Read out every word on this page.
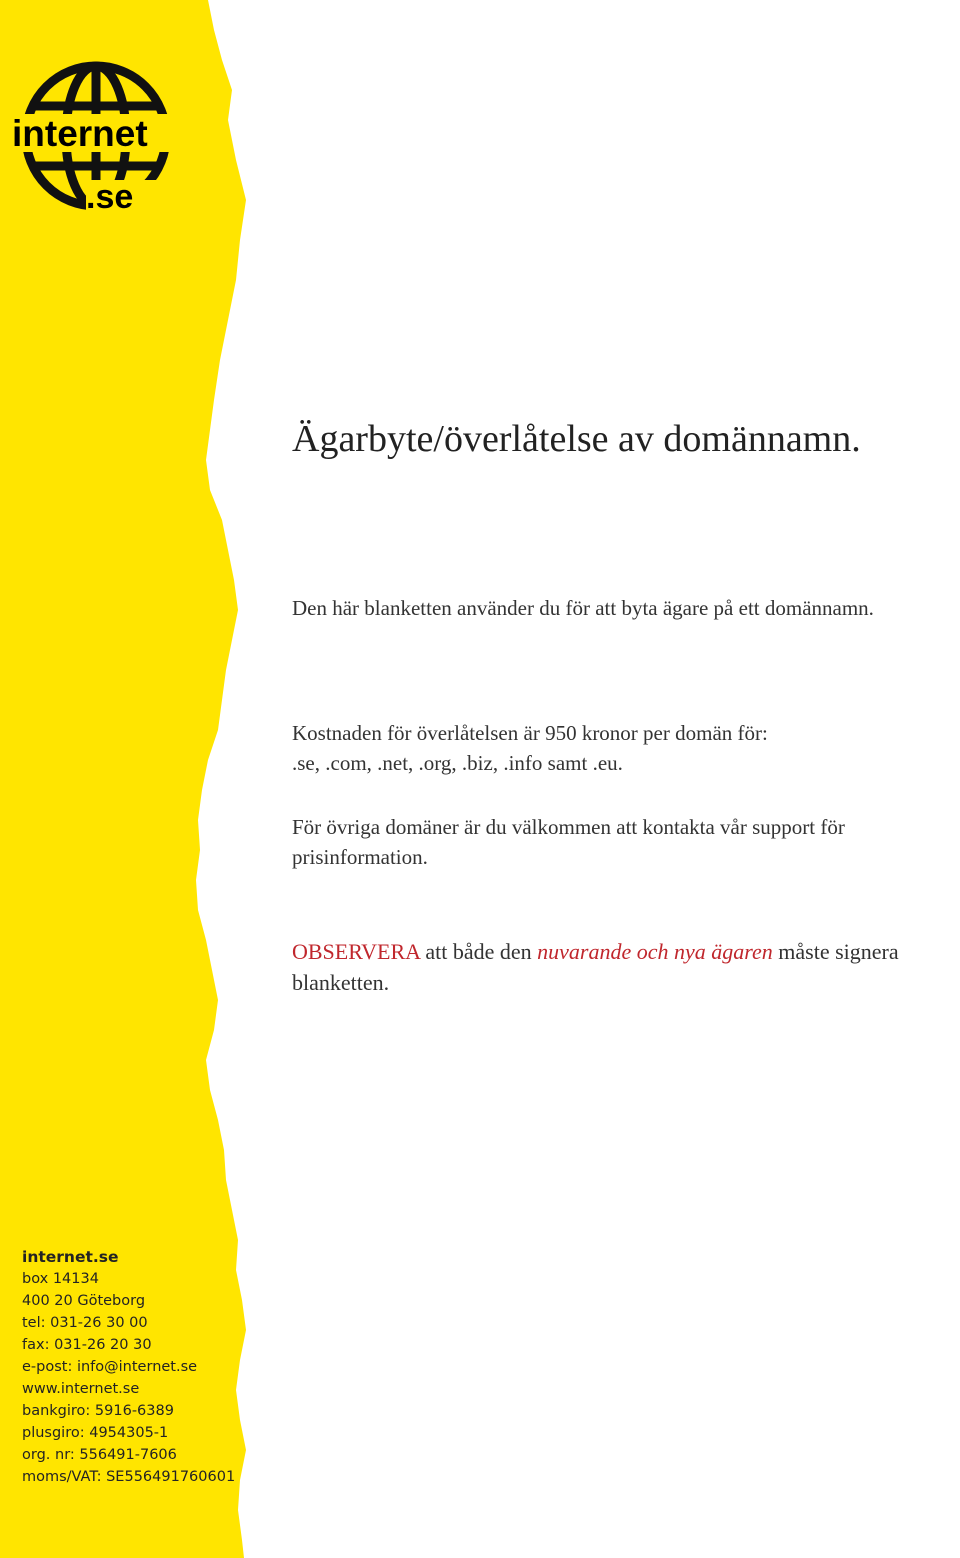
internet
.se
Ägarbyte/överlåtelse av domännamn.

Den här blanketten använder du för att byta ägare på ett domännamn.

Kostnaden för överlåtelsen är 950 kronor per domän för:
.se, .com, .net, .org, .biz, .info samt .eu.

För övriga domäner är du välkommen att kontakta vår support för prisinformation.

OBSERVERA att både den nuvarande och nya ägaren måste signera blanketten.

internet.se
box 14134
400 20 Göteborg
tel: 031-26 30 00
fax: 031-26 20 30
e-post: info@internet.se
www.internet.se
bankgiro: 5916-6389
plusgiro: 4954305-1
org. nr: 556491-7606
moms/VAT: SE556491760601
